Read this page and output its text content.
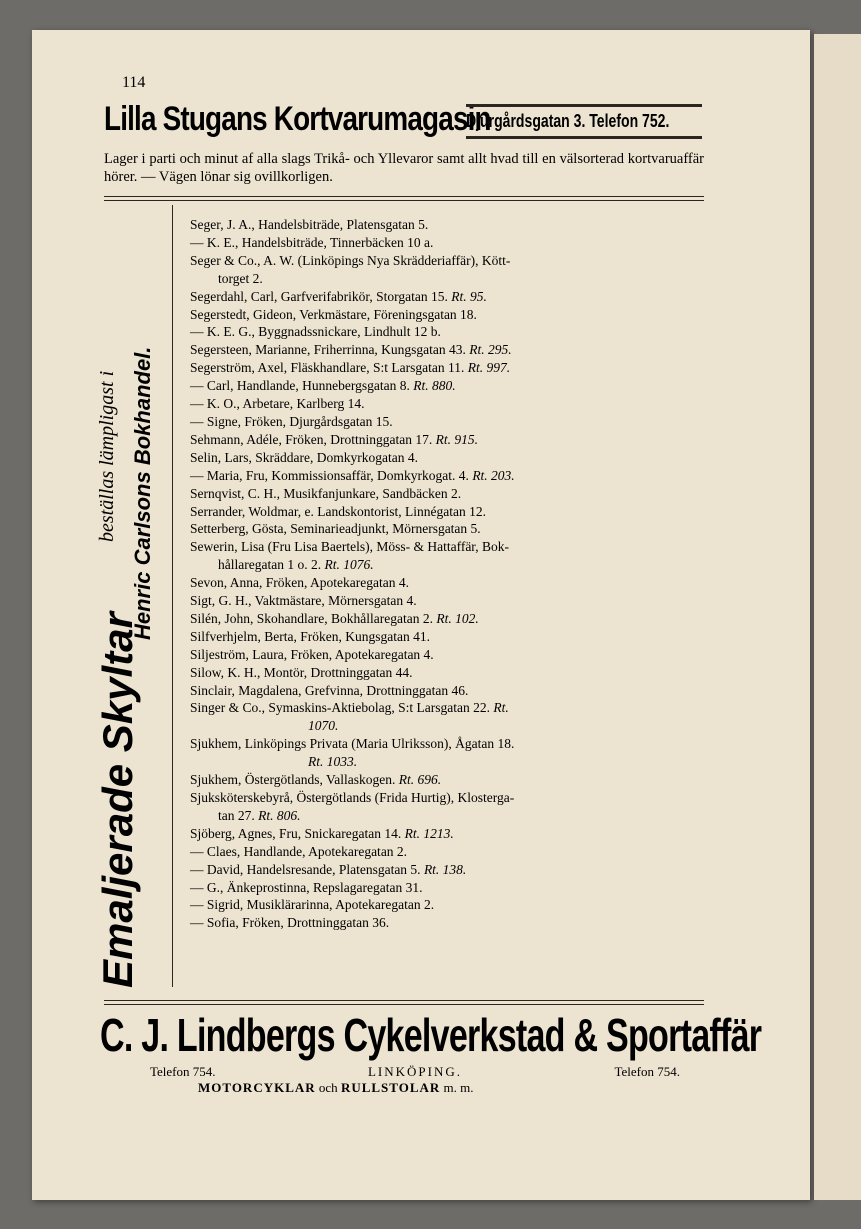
114
Lilla Stugans Kortvarumagasin
Djurgårdsgatan 3. Telefon 752.
Lager i parti och minut af alla slags Trikå- och Yllevaror samt allt hvad till en välsorterad kortvaruaffär hörer. — Vägen lönar sig ovillkorligen.
Emaljerade Skyltar
beställas lämpligast i Henric Carlsons Bokhandel.
Seger, J. A., Handelsbiträde, Platensgatan 5.
— K. E., Handelsbiträde, Tinnerbäcken 10 a.
Seger & Co., A. W. (Linköpings Nya Skrädderiaffär), Kött-
torget 2.
Segerdahl, Carl, Garfverifabrikör, Storgatan 15. Rt. 95.
Segerstedt, Gideon, Verkmästare, Föreningsgatan 18.
— K. E. G., Byggnadssnickare, Lindhult 12 b.
Segersteen, Marianne, Friherrinna, Kungsgatan 43. Rt. 295.
Segerström, Axel, Fläskhandlare, S:t Larsgatan 11. Rt. 997.
— Carl, Handlande, Hunnebergsgatan 8. Rt. 880.
— K. O., Arbetare, Karlberg 14.
— Signe, Fröken, Djurgårdsgatan 15.
Sehmann, Adéle, Fröken, Drottninggatan 17. Rt. 915.
Selin, Lars, Skräddare, Domkyrkogatan 4.
— Maria, Fru, Kommissionsaffär, Domkyrkogat. 4. Rt. 203.
Sernqvist, C. H., Musikfanjunkare, Sandbäcken 2.
Serrander, Woldmar, e. Landskontorist, Linnégatan 12.
Setterberg, Gösta, Seminarieadjunkt, Mörnersgatan 5.
Sewerin, Lisa (Fru Lisa Baertels), Möss- & Hattaffär, Bok-
hållaregatan 1 o. 2. Rt. 1076.
Sevon, Anna, Fröken, Apotekaregatan 4.
Sigt, G. H., Vaktmästare, Mörnersgatan 4.
Silén, John, Skohandlare, Bokhållaregatan 2. Rt. 102.
Silfverhjelm, Berta, Fröken, Kungsgatan 41.
Siljeström, Laura, Fröken, Apotekaregatan 4.
Silow, K. H., Montör, Drottninggatan 44.
Sinclair, Magdalena, Grefvinna, Drottninggatan 46.
Singer & Co., Symaskins-Aktiebolag, S:t Larsgatan 22. Rt.
1070.
Sjukhem, Linköpings Privata (Maria Ulriksson), Ågatan 18.
Rt. 1033.
Sjukhem, Östergötlands, Vallaskogen. Rt. 696.
Sjuksköterskebyrå, Östergötlands (Frida Hurtig), Klosterga-
tan 27. Rt. 806.
Sjöberg, Agnes, Fru, Snickaregatan 14. Rt. 1213.
— Claes, Handlande, Apotekaregatan 2.
— David, Handelsresande, Platensgatan 5. Rt. 138.
— G., Änkeprostinna, Repslagaregatan 31.
— Sigrid, Musiklärarinna, Apotekaregatan 2.
— Sofia, Fröken, Drottninggatan 36.
C. J. Lindbergs Cykelverkstad & Sportaffär
Telefon 754.	LINKÖPING.	Telefon 754.
MOTORCYKLAR och RULLSTOLAR m. m.
